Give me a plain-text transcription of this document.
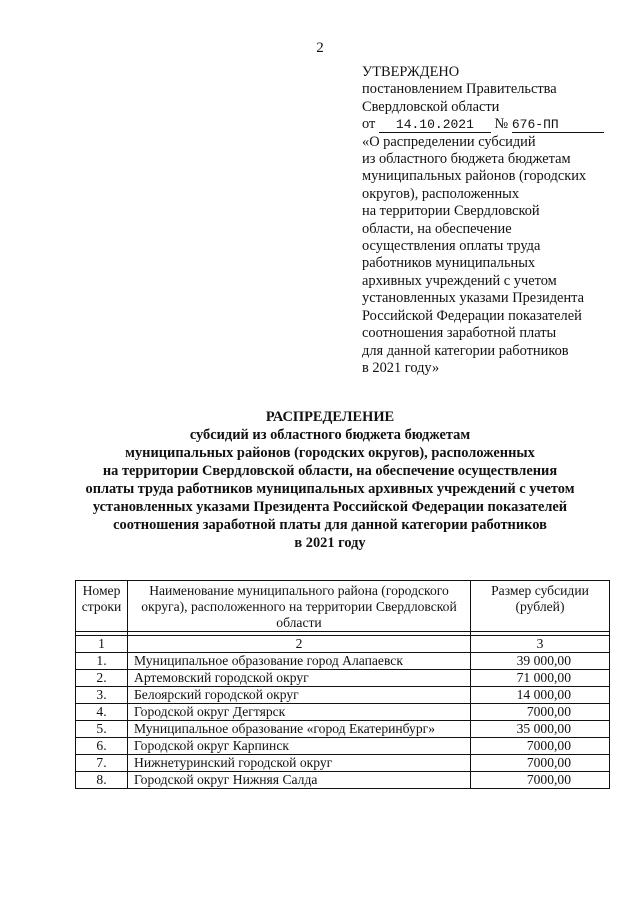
2
УТВЕРЖДЕНО
постановлением Правительства
Свердловской области
от 14.10.2021 № 676-ПП
«О распределении субсидий
из областного бюджета бюджетам
муниципальных районов (городских
округов), расположенных
на территории Свердловской
области, на обеспечение
осуществления оплаты труда
работников муниципальных
архивных учреждений с учетом
установленных указами Президента
Российской Федерации показателей
соотношения заработной платы
для данной категории работников
в 2021 году»
РАСПРЕДЕЛЕНИЕ
субсидий из областного бюджета бюджетам
муниципальных районов (городских округов), расположенных
на территории Свердловской области, на обеспечение осуществления
оплаты труда работников муниципальных архивных учреждений с учетом
установленных указами Президента Российской Федерации показателей
соотношения заработной платы для данной категории работников
в 2021 году
Номер строки	Наименование муниципального района (городского округа), расположенного на территории Свердловской области	Размер субсидии (рублей)

1	2	3
1.	Муниципальное образование город Алапаевск	39 000,00
2.	Артемовский городской округ	71 000,00
3.	Белоярский городской округ	14 000,00
4.	Городской округ Дегтярск	7000,00
5.	Муниципальное образование «город Екатеринбург»	35 000,00
6.	Городской округ Карпинск	7000,00
7.	Нижнетуринский городской округ	7000,00
8.	Городской округ Нижняя Салда	7000,00
